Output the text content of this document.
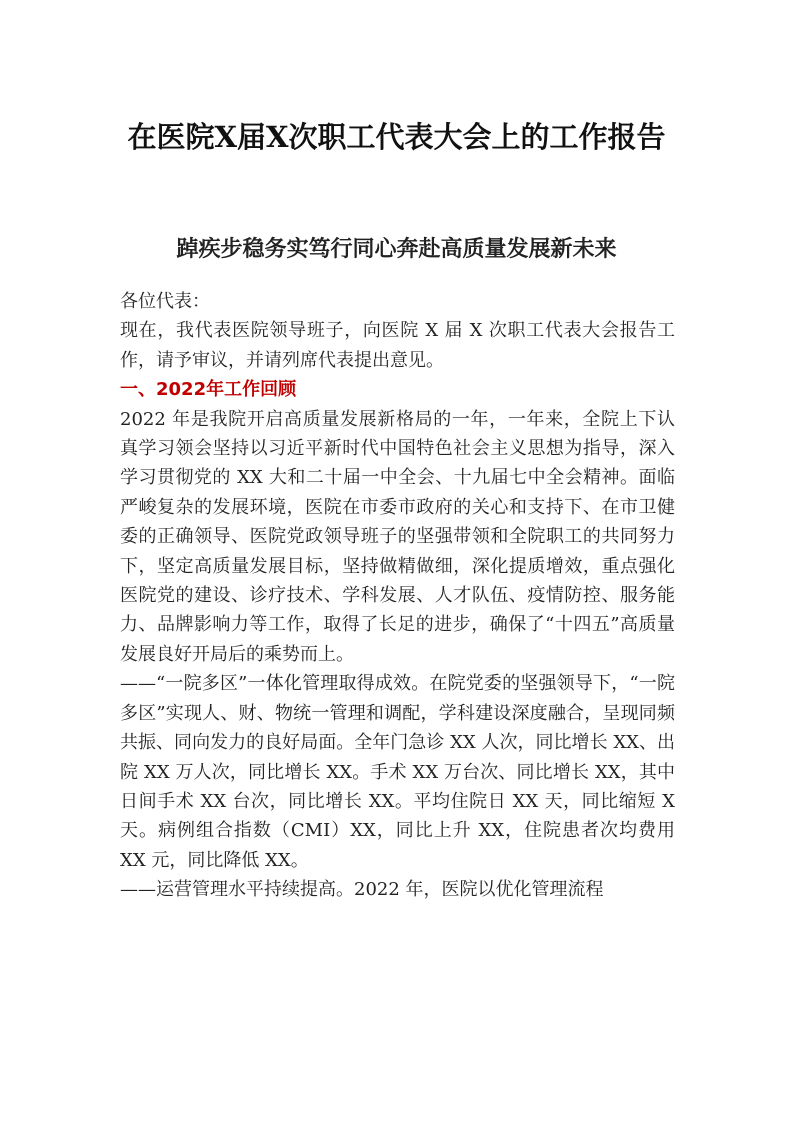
在医院X届X次职工代表大会上的工作报告
踔疾步稳务实笃行同心奔赴高质量发展新未来

各位代表：

现在，我代表医院领导班子，向医院 X 届 X 次职工代表大会报告工作，请予审议，并请列席代表提出意见。

一、2022年工作回顾

2022 年是我院开启高质量发展新格局的一年，一年来，全院上下认真学习领会坚持以习近平新时代中国特色社会主义思想为指导，深入学习贯彻党的 XX 大和二十届一中全会、十九届七中全会精神。面临严峻复杂的发展环境，医院在市委市政府的关心和支持下、在市卫健委的正确领导、医院党政领导班子的坚强带领和全院职工的共同努力下，坚定高质量发展目标，坚持做精做细，深化提质增效，重点强化医院党的建设、诊疗技术、学科发展、人才队伍、疫情防控、服务能力、品牌影响力等工作，取得了长足的进步，确保了“十四五”高质量发展良好开局后的乘势而上。

——“一院多区”一体化管理取得成效。在院党委的坚强领导下，“一院多区”实现人、财、物统一管理和调配，学科建设深度融合，呈现同频共振、同向发力的良好局面。全年门急诊 XX 人次，同比增长 XX、出院 XX 万人次，同比增长 XX。手术 XX 万台次、同比增长 XX，其中日间手术 XX 台次，同比增长 XX。平均住院日 XX 天，同比缩短 X 天。病例组合指数（CMI）XX，同比上升 XX，住院患者次均费用 XX 元，同比降低 XX。

——运营管理水平持续提高。2022 年，医院以优化管理流程
